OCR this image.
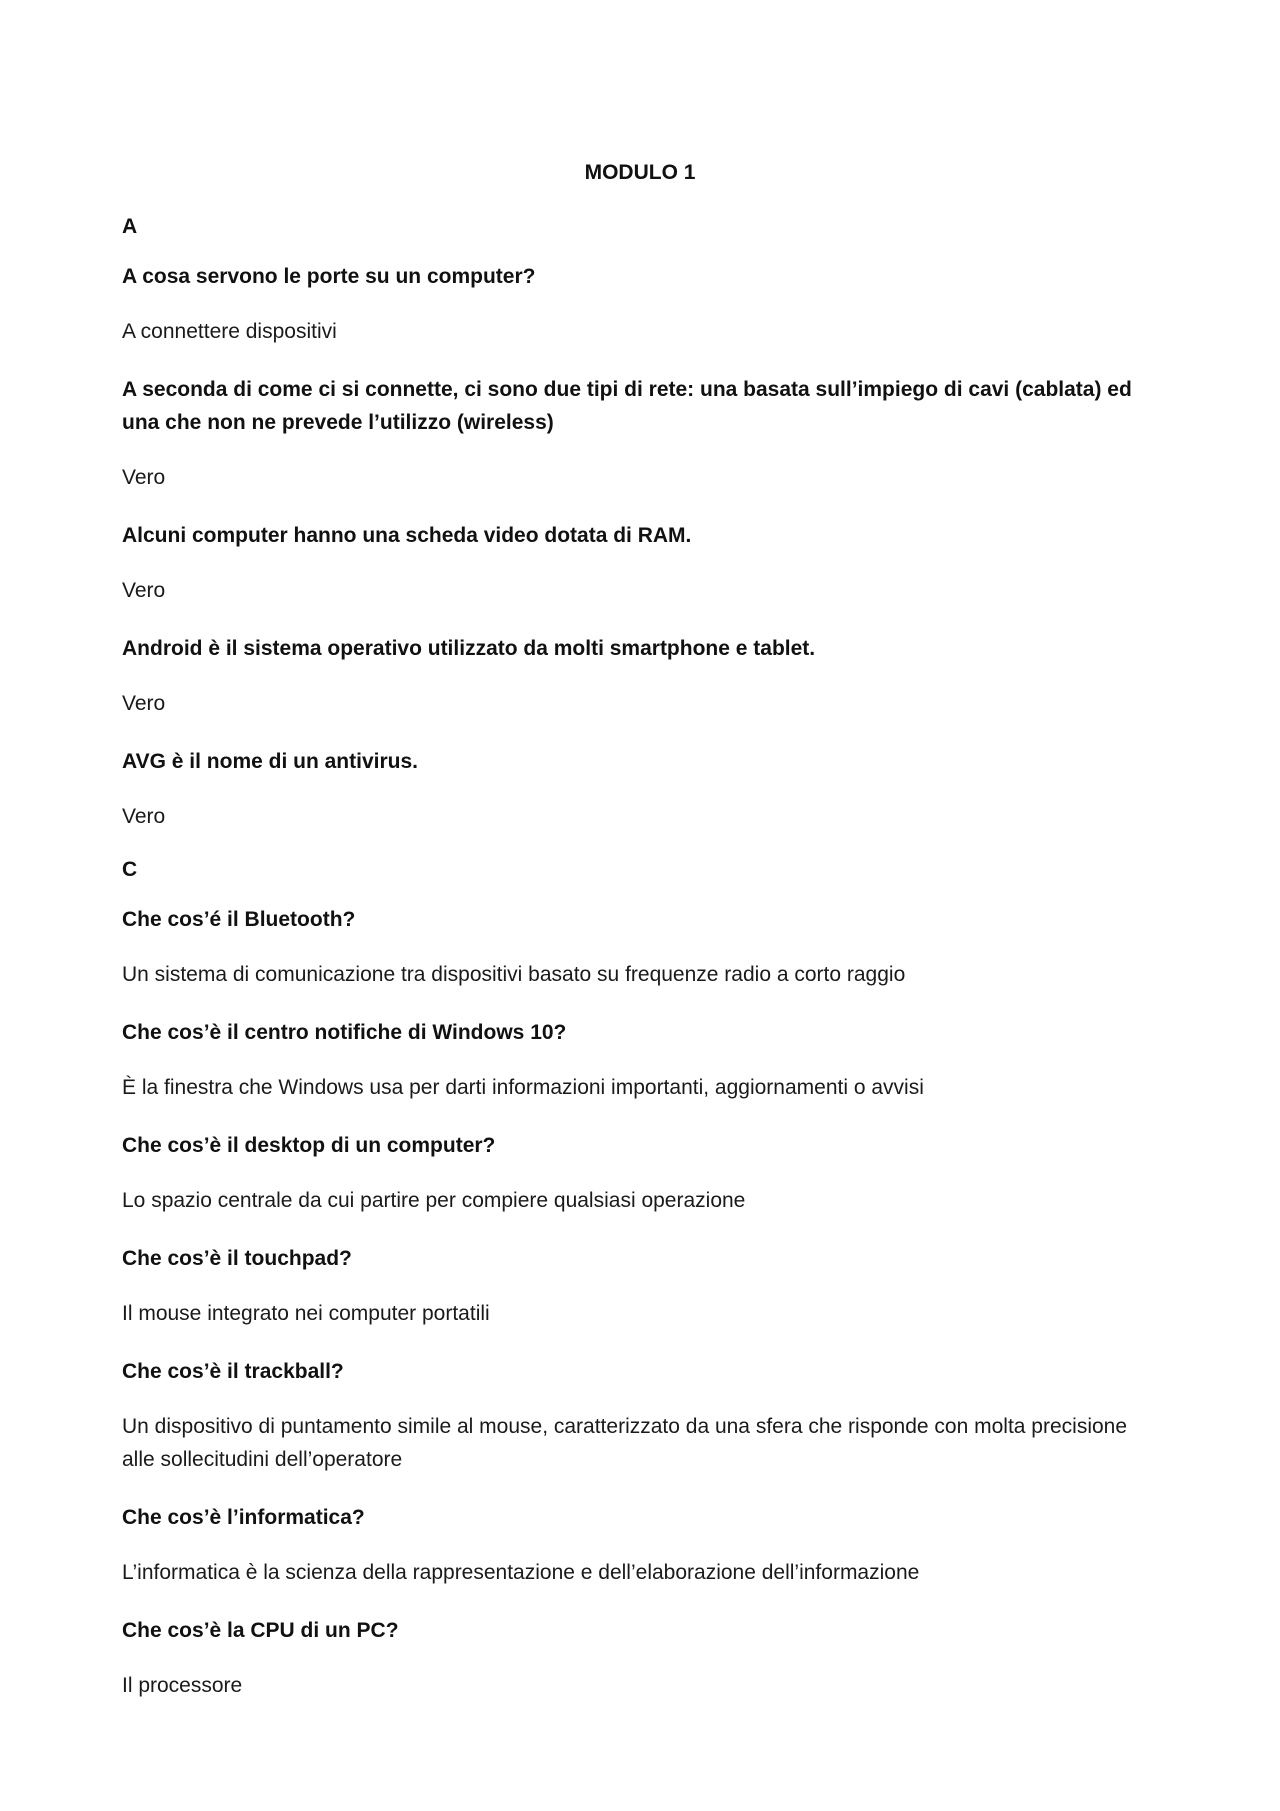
MODULO 1
A
A cosa servono le porte su un computer?
A connettere dispositivi
A seconda di come ci si connette, ci sono due tipi di rete: una basata sull’impiego di cavi (cablata) ed una che non ne prevede l’utilizzo (wireless)
Vero
Alcuni computer hanno una scheda video dotata di RAM.
Vero
Android è il sistema operativo utilizzato da molti smartphone e tablet.
Vero
AVG è il nome di un antivirus.
Vero
C
Che cos’é il Bluetooth?
Un sistema di comunicazione tra dispositivi basato su frequenze radio a corto raggio
Che cos’è il centro notifiche di Windows 10?
È la finestra che Windows usa per darti informazioni importanti, aggiornamenti o avvisi
Che cos’è il desktop di un computer?
Lo spazio centrale da cui partire per compiere qualsiasi operazione
Che cos’è il touchpad?
Il mouse integrato nei computer portatili
Che cos’è il trackball?
Un dispositivo di puntamento simile al mouse, caratterizzato da una sfera che risponde con molta precisione alle sollecitudini dell’operatore
Che cos’è l’informatica?
L’informatica è la scienza della rappresentazione e dell’elaborazione dell’informazione
Che cos’è la CPU di un PC?
Il processore
